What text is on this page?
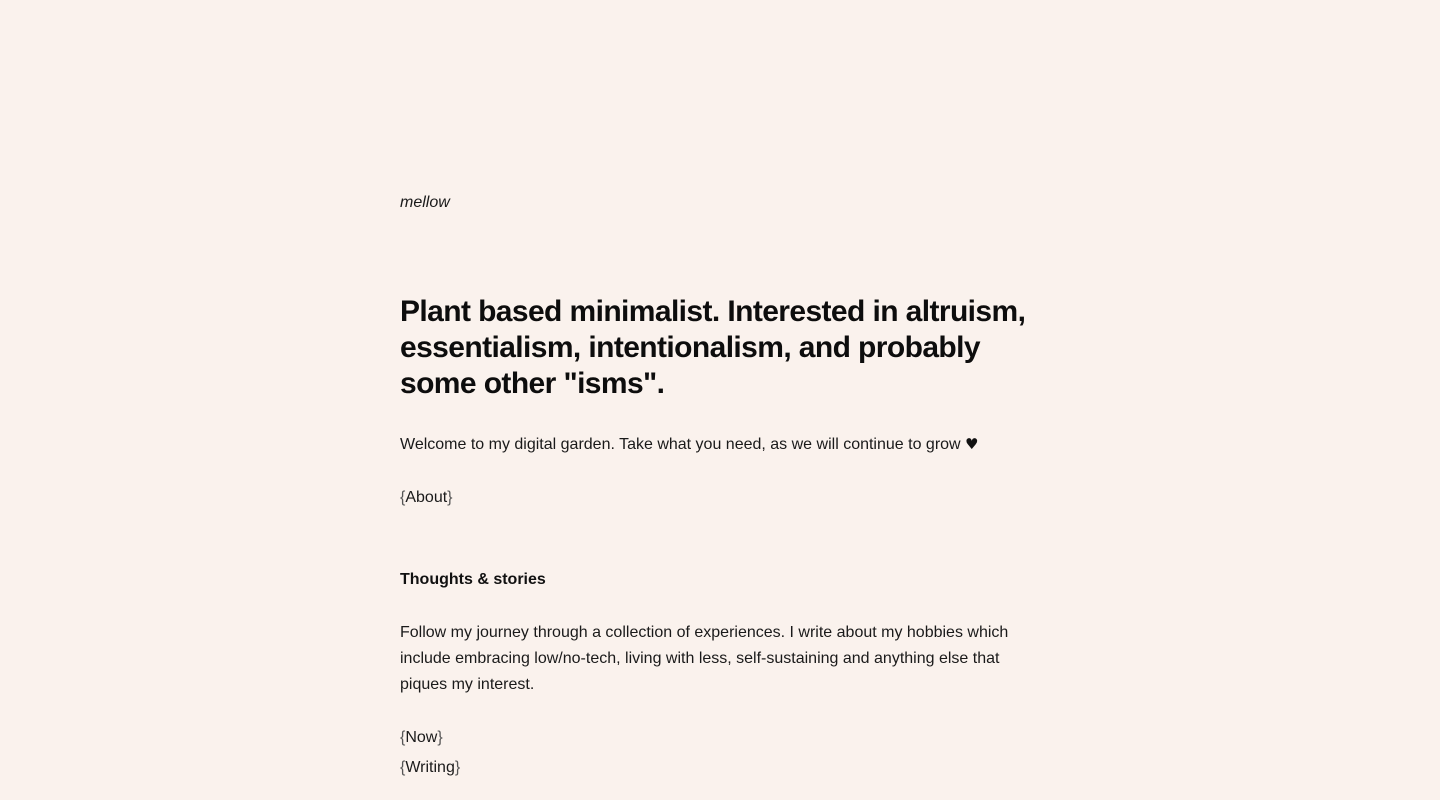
mellow
Plant based minimalist. Interested in altruism, essentialism, intentionalism, and probably some other "isms".

Welcome to my digital garden. Take what you need, as we will continue to grow ♥

{About}
Thoughts & stories

Follow my journey through a collection of experiences. I write about my hobbies which include embracing low/no-tech, living with less, self-sustaining and anything else that piques my interest.

{Now}
{Writing}
